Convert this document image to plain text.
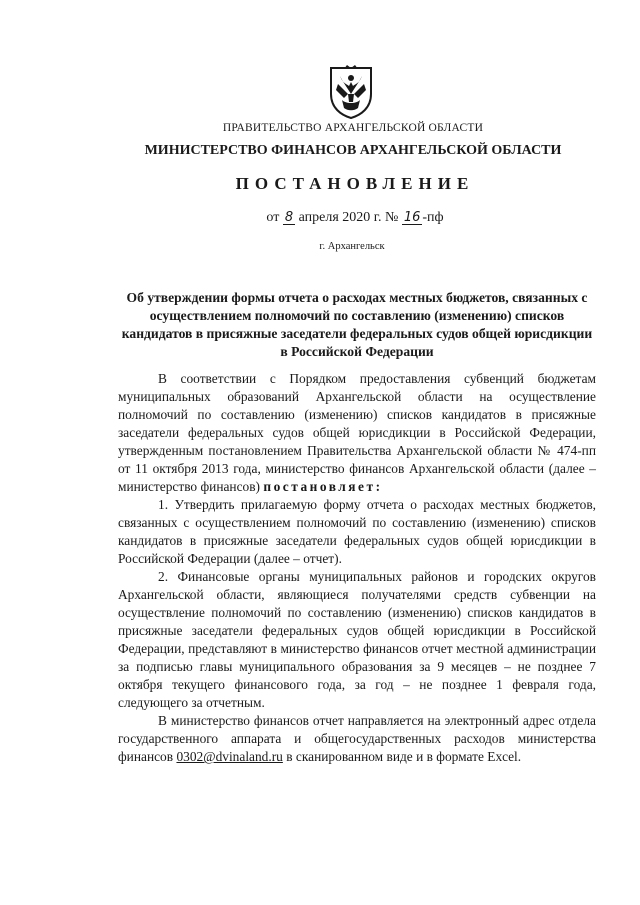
ПРАВИТЕЛЬСТВО АРХАНГЕЛЬСКОЙ ОБЛАСТИ
МИНИСТЕРСТВО ФИНАНСОВ АРХАНГЕЛЬСКОЙ ОБЛАСТИ
ПОСТАНОВЛЕНИЕ
от 8 апреля 2020 г. № 16 -пф
г. Архангельск
Об утверждении формы отчета о расходах местных бюджетов, связанных с осуществлением полномочий по составлению (изменению) списков кандидатов в присяжные заседатели федеральных судов общей юрисдикции в Российской Федерации

В соответствии с Порядком предоставления субвенций бюджетам муниципальных образований Архангельской области на осуществление полномочий по составлению (изменению) списков кандидатов в присяжные заседатели федеральных судов общей юрисдикции в Российской Федерации, утвержденным постановлением Правительства Архангельской области № 474-пп от 11 октября 2013 года, министерство финансов Архангельской области (далее – министерство финансов) постановляет:

1. Утвердить прилагаемую форму отчета о расходах местных бюджетов, связанных с осуществлением полномочий по составлению (изменению) списков кандидатов в присяжные заседатели федеральных судов общей юрисдикции в Российской Федерации (далее – отчет).

2. Финансовые органы муниципальных районов и городских округов Архангельской области, являющиеся получателями средств субвенции на осуществление полномочий по составлению (изменению) списков кандидатов в присяжные заседатели федеральных судов общей юрисдикции в Российской Федерации, представляют в министерство финансов отчет местной администрации за подписью главы муниципального образования за 9 месяцев – не позднее 7 октября текущего финансового года, за год – не позднее 1 февраля года, следующего за отчетным.

В министерство финансов отчет направляется на электронный адрес отдела государственного аппарата и общегосударственных расходов министерства финансов 0302@dvinaland.ru в сканированном виде и в формате Excel.
